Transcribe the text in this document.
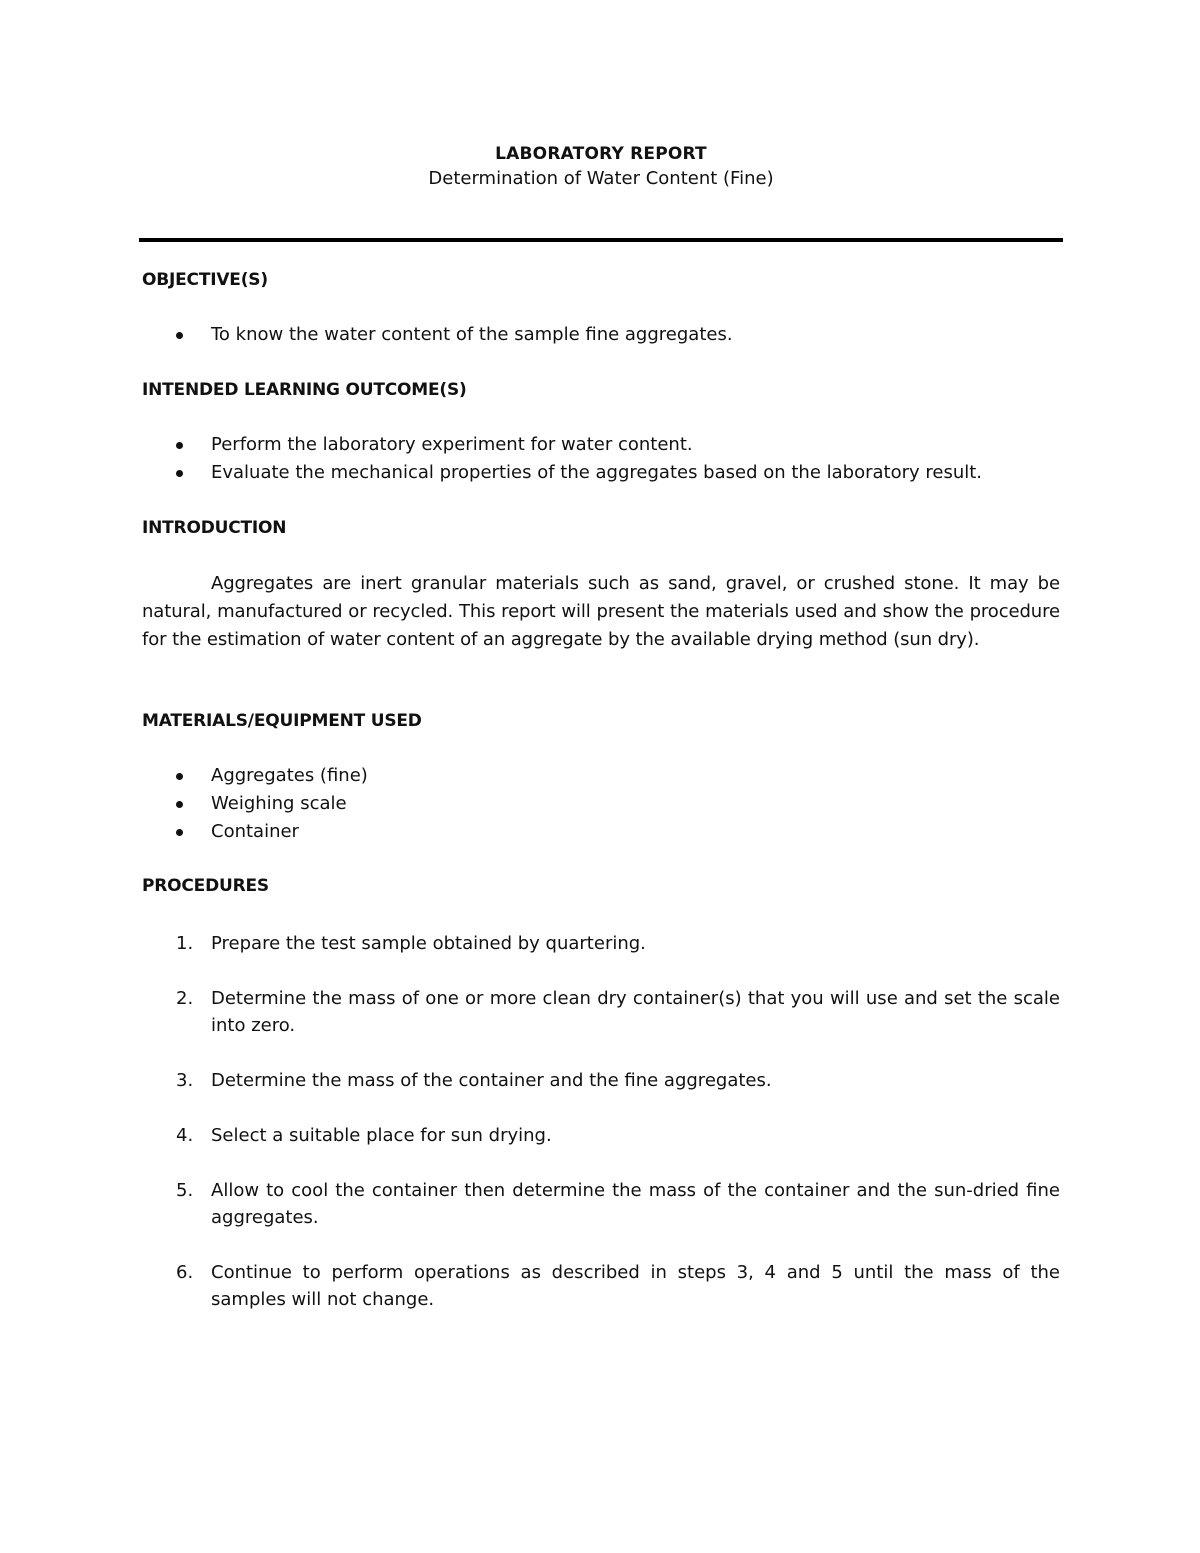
LABORATORY REPORT
Determination of Water Content (Fine)
OBJECTIVE(S)
To know the water content of the sample fine aggregates.
INTENDED LEARNING OUTCOME(S)
Perform the laboratory experiment for water content.
Evaluate the mechanical properties of the aggregates based on the laboratory result.
INTRODUCTION

Aggregates are inert granular materials such as sand, gravel, or crushed stone. It may be natural, manufactured or recycled. This report will present the materials used and show the procedure for the estimation of water content of an aggregate by the available drying method (sun dry).

MATERIALS/EQUIPMENT USED
Aggregates (fine)
Weighing scale
Container
PROCEDURES
1. Prepare the test sample obtained by quartering.
2. Determine the mass of one or more clean dry container(s) that you will use and set the scale into zero.
3. Determine the mass of the container and the fine aggregates.
4. Select a suitable place for sun drying.
5. Allow to cool the container then determine the mass of the container and the sun-dried fine aggregates.
6. Continue to perform operations as described in steps 3, 4 and 5 until the mass of the samples will not change.
